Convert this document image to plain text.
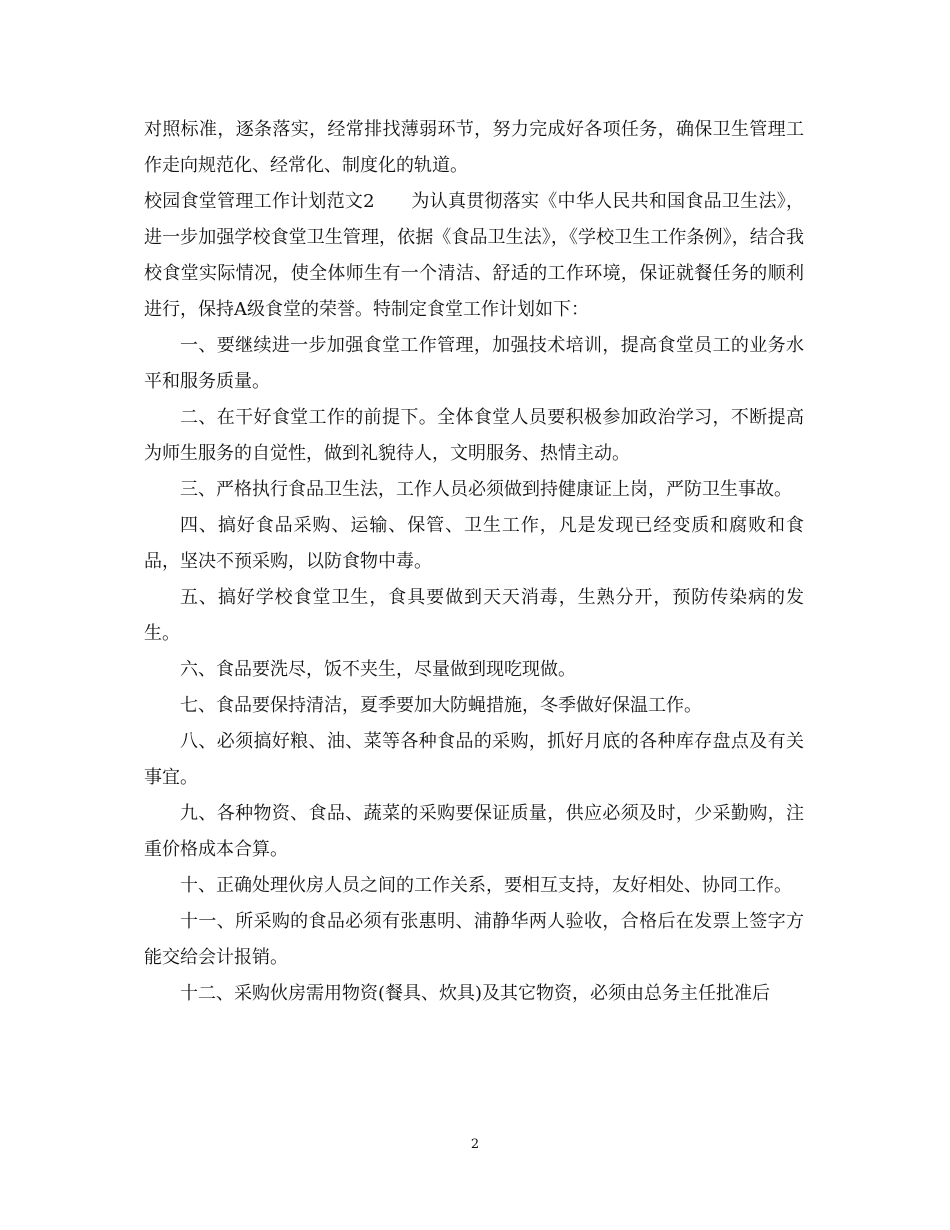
对照标准，逐条落实，经常排找薄弱环节，努力完成好各项任务，确保卫生管理工作走向规范化、经常化、制度化的轨道。

校园食堂管理工作计划范文2　　为认真贯彻落实《中华人民共和国食品卫生法》，进一步加强学校食堂卫生管理，依据《食品卫生法》，《学校卫生工作条例》，结合我校食堂实际情况，使全体师生有一个清洁、舒适的工作环境，保证就餐任务的顺利进行，保持A级食堂的荣誉。特制定食堂工作计划如下：

一、要继续进一步加强食堂工作管理，加强技术培训，提高食堂员工的业务水平和服务质量。

二、在干好食堂工作的前提下。全体食堂人员要积极参加政治学习，不断提高为师生服务的自觉性，做到礼貌待人，文明服务、热情主动。

三、严格执行食品卫生法，工作人员必须做到持健康证上岗，严防卫生事故。

四、搞好食品采购、运输、保管、卫生工作，凡是发现已经变质和腐败和食品，坚决不预采购，以防食物中毒。

五、搞好学校食堂卫生，食具要做到天天消毒，生熟分开，预防传染病的发生。

六、食品要洗尽，饭不夹生，尽量做到现吃现做。

七、食品要保持清洁，夏季要加大防蝇措施，冬季做好保温工作。

八、必须搞好粮、油、菜等各种食品的采购，抓好月底的各种库存盘点及有关事宜。

九、各种物资、食品、蔬菜的采购要保证质量，供应必须及时，少采勤购，注重价格成本合算。

十、正确处理伙房人员之间的工作关系，要相互支持，友好相处、协同工作。

十一、所采购的食品必须有张惠明、浦静华两人验收，合格后在发票上签字方能交给会计报销。

十二、采购伙房需用物资(餐具、炊具)及其它物资，必须由总务主任批准后

2
